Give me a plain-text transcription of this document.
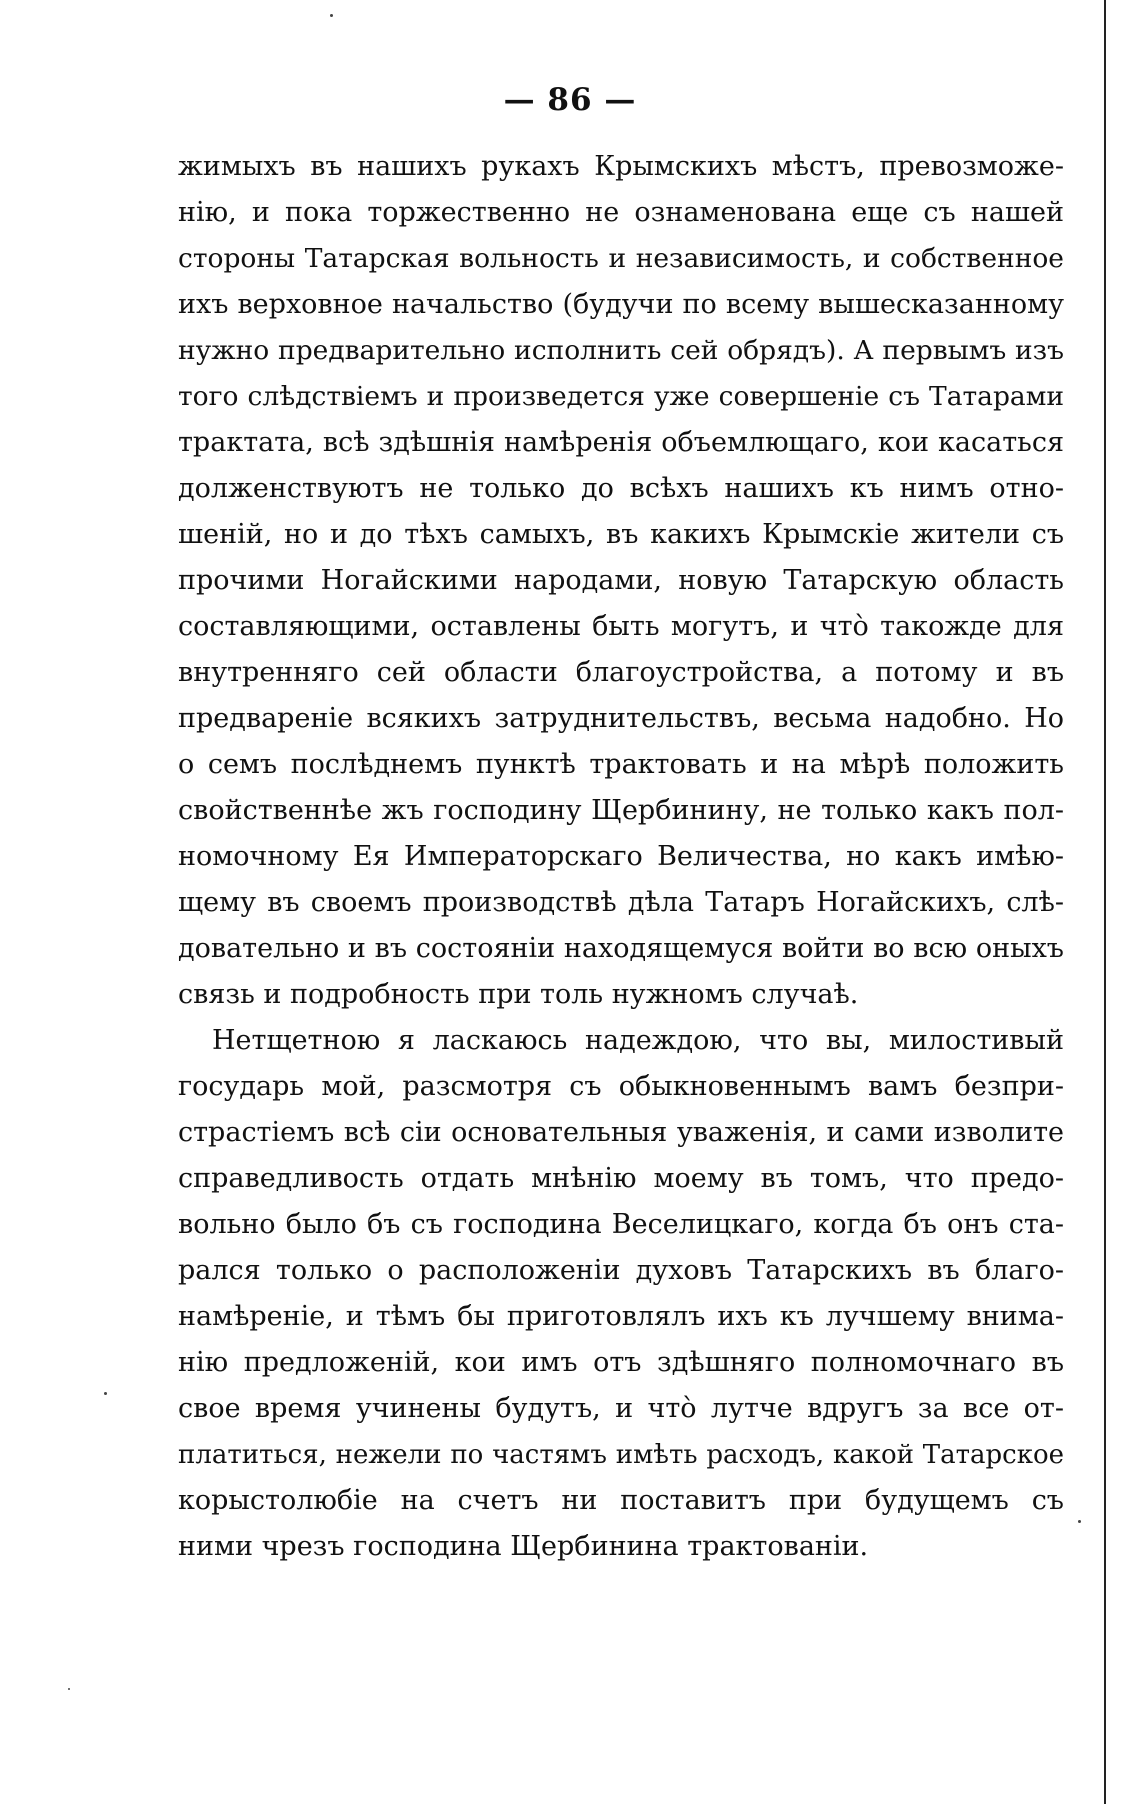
— 86 —
жимыхъ въ нашихъ рукахъ Крымскихъ мѣстъ, превозможе-
нію, и пока торжественно не ознаменована еще съ нашей
стороны Татарская вольность и независимость, и собственное
ихъ верховное начальство (будучи по всему вышесказанному
нужно предварительно исполнить сей обрядъ). А первымъ изъ
того слѣдствіемъ и произведется уже совершеніе съ Татарами
трактата, всѣ здѣшнія намѣренія объемлющаго, кои касаться
долженствуютъ не только до всѣхъ нашихъ къ нимъ отно-
шеній, но и до тѣхъ самыхъ, въ какихъ Крымскіе жители съ
прочими Ногайскими народами, новую Татарскую область
составляющими, оставлены быть могутъ, и что̀ такожде для
внутренняго сей области благоустройства, а потому и въ
предвареніе всякихъ затруднительствъ, весьма надобно. Но
о семъ послѣднемъ пунктѣ трактовать и на мѣрѣ положить
свойственнѣе жъ господину Щербинину, не только какъ пол-
номочному Ея Императорскаго Величества, но какъ имѣю-
щему въ своемъ производствѣ дѣла Татаръ Ногайскихъ, слѣ-
довательно и въ состояніи находящемуся войти во всю оныхъ
связь и подробность при толь нужномъ случаѣ.
Нетщетною я ласкаюсь надеждою, что вы, милостивый
государь мой, разсмотря съ обыкновеннымъ вамъ безпри-
страстіемъ всѣ сіи основательныя уваженія, и сами изволите
справедливость отдать мнѣнію моему въ томъ, что предо-
вольно было бъ съ господина Веселицкаго, когда бъ онъ ста-
рался только о расположеніи духовъ Татарскихъ въ благо-
намѣреніе, и тѣмъ бы приготовлялъ ихъ къ лучшему внима-
нію предложеній, кои имъ отъ здѣшняго полномочнаго въ
свое время учинены будутъ, и что̀ лутче вдругъ за все от-
платиться, нежели по частямъ имѣть расходъ, какой Татарское
корыстолюбіе на счетъ ни поставитъ при будущемъ съ
ними чрезъ господина Щербинина трактованіи.
